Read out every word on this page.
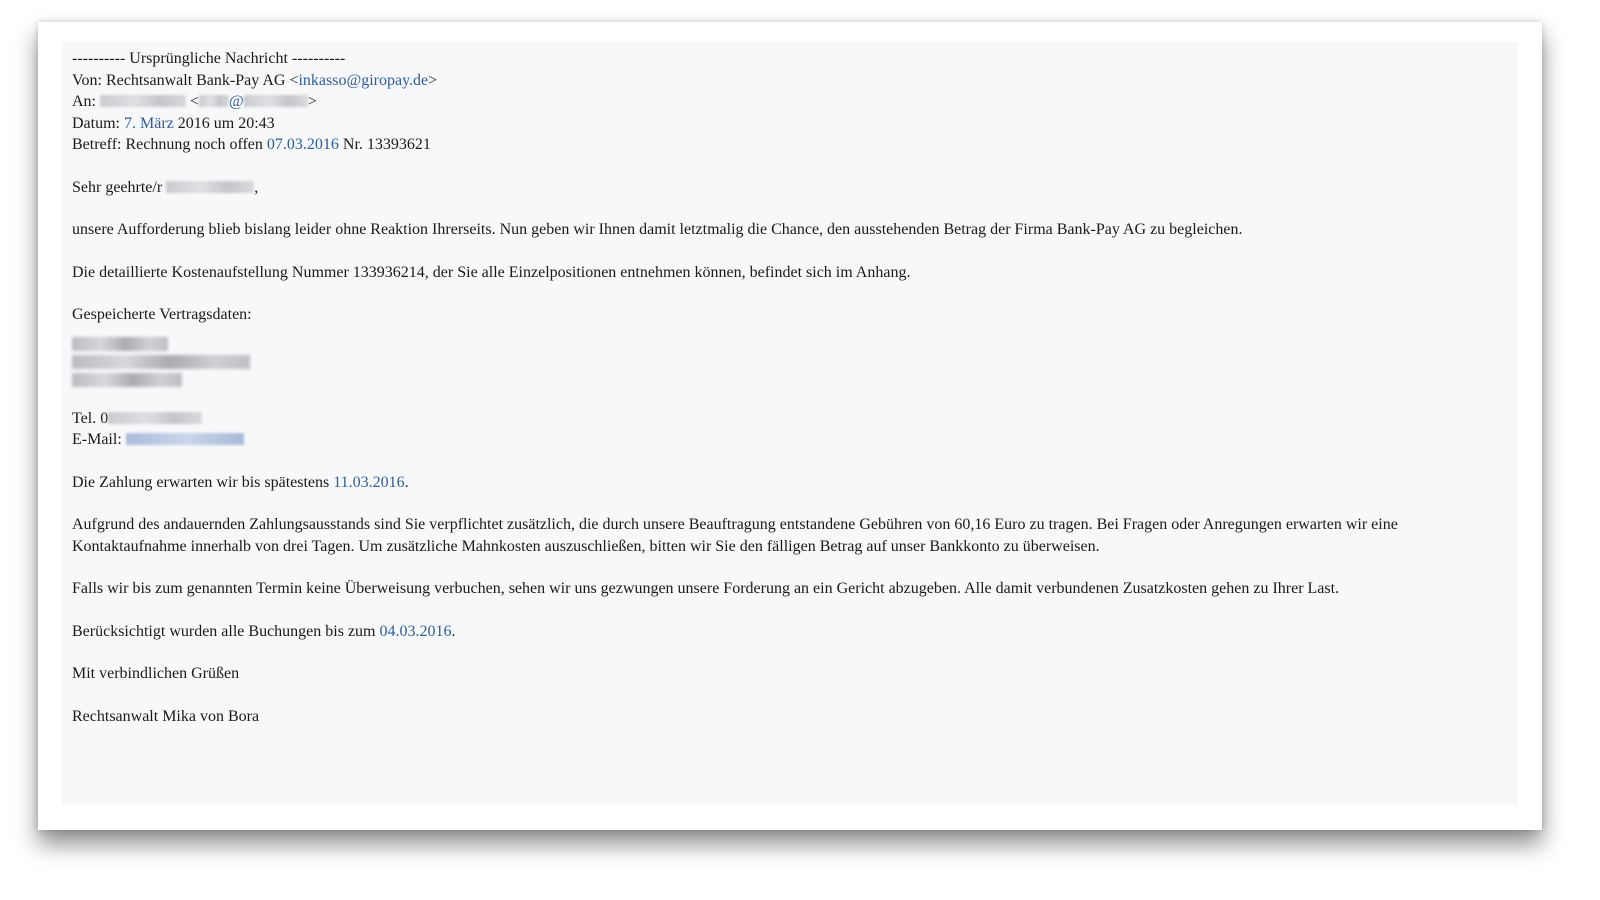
---------- Ursprüngliche Nachricht ----------
Von: Rechtsanwalt Bank-Pay AG <inkasso@giropay.de>
An:	< @	>
Datum: 7. März 2016 um 20:43
Betreff: Rechnung noch offen 07.03.2016 Nr. 13393621
Sehr geehrte/r	,
unsere Aufforderung blieb bislang leider ohne Reaktion Ihrerseits. Nun geben wir Ihnen damit letztmalig die Chance, den ausstehenden Betrag der Firma Bank-Pay AG zu begleichen.
Die detaillierte Kostenaufstellung Nummer 133936214, der Sie alle Einzelpositionen entnehmen können, befindet sich im Anhang.
Gespeicherte Vertragsdaten:
Tel. 0
E-Mail:
Die Zahlung erwarten wir bis spätestens 11.03.2016.
Aufgrund des andauernden Zahlungsausstands sind Sie verpflichtet zusätzlich, die durch unsere Beauftragung entstandene Gebühren von 60,16 Euro zu tragen. Bei Fragen oder Anregungen erwarten wir eine Kontaktaufnahme innerhalb von drei Tagen. Um zusätzliche Mahnkosten auszuschließen, bitten wir Sie den fälligen Betrag auf unser Bankkonto zu überweisen.
Falls wir bis zum genannten Termin keine Überweisung verbuchen, sehen wir uns gezwungen unsere Forderung an ein Gericht abzugeben. Alle damit verbundenen Zusatzkosten gehen zu Ihrer Last.
Berücksichtigt wurden alle Buchungen bis zum 04.03.2016.
Mit verbindlichen Grüßen
Rechtsanwalt Mika von Bora
